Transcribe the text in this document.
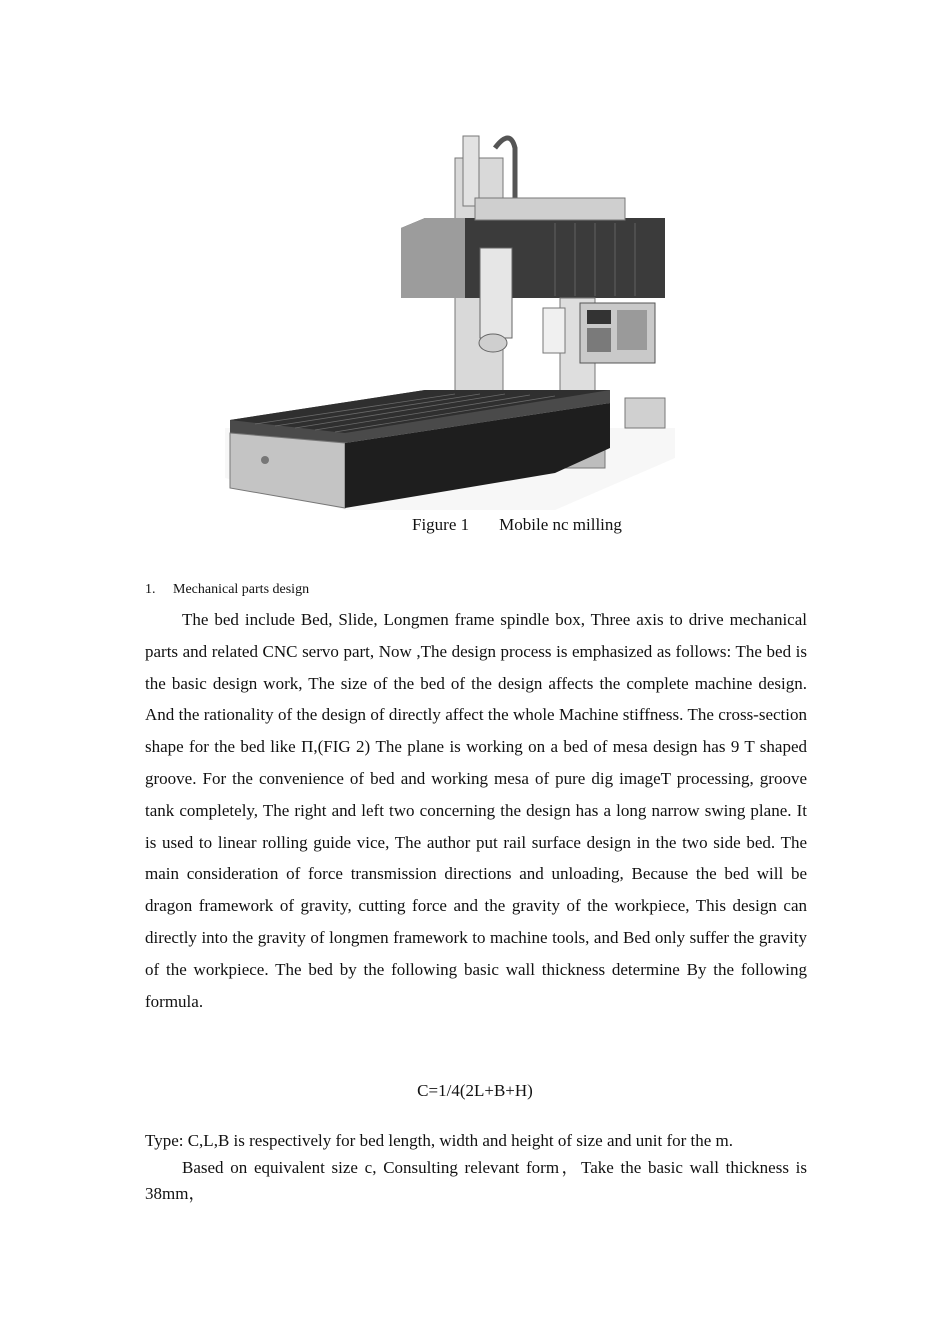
Figure 1 Mobile nc milling
1. Mechanical parts design

The bed include Bed, Slide, Longmen frame spindle box, Three axis to drive mechanical parts and related CNC servo part, Now ,The design process is emphasized as follows: The bed is the basic design work, The size of the bed of the design affects the complete machine design. And the rationality of the design of directly affect the whole Machine stiffness. The cross-section shape for the bed like Π,(FIG 2) The plane is working on a bed of mesa design has 9 T shaped groove. For the convenience of bed and working mesa of pure dig imageT processing, groove tank completely, The right and left two concerning the design has a long narrow swing plane. It is used to linear rolling guide vice, The author put rail surface design in the two side bed. The main consideration of force transmission directions and unloading, Because the bed will be dragon framework of gravity, cutting force and the gravity of the workpiece, This design can directly into the gravity of longmen framework to machine tools, and Bed only suffer the gravity of the workpiece. The bed by the following basic wall thickness determine By the following formula.

C=1/4(2L+B+H)

Type: C,L,B is respectively for bed length, width and height of size and unit for the m.

Based on equivalent size c, Consulting relevant form，Take the basic wall thickness is 38mm，
